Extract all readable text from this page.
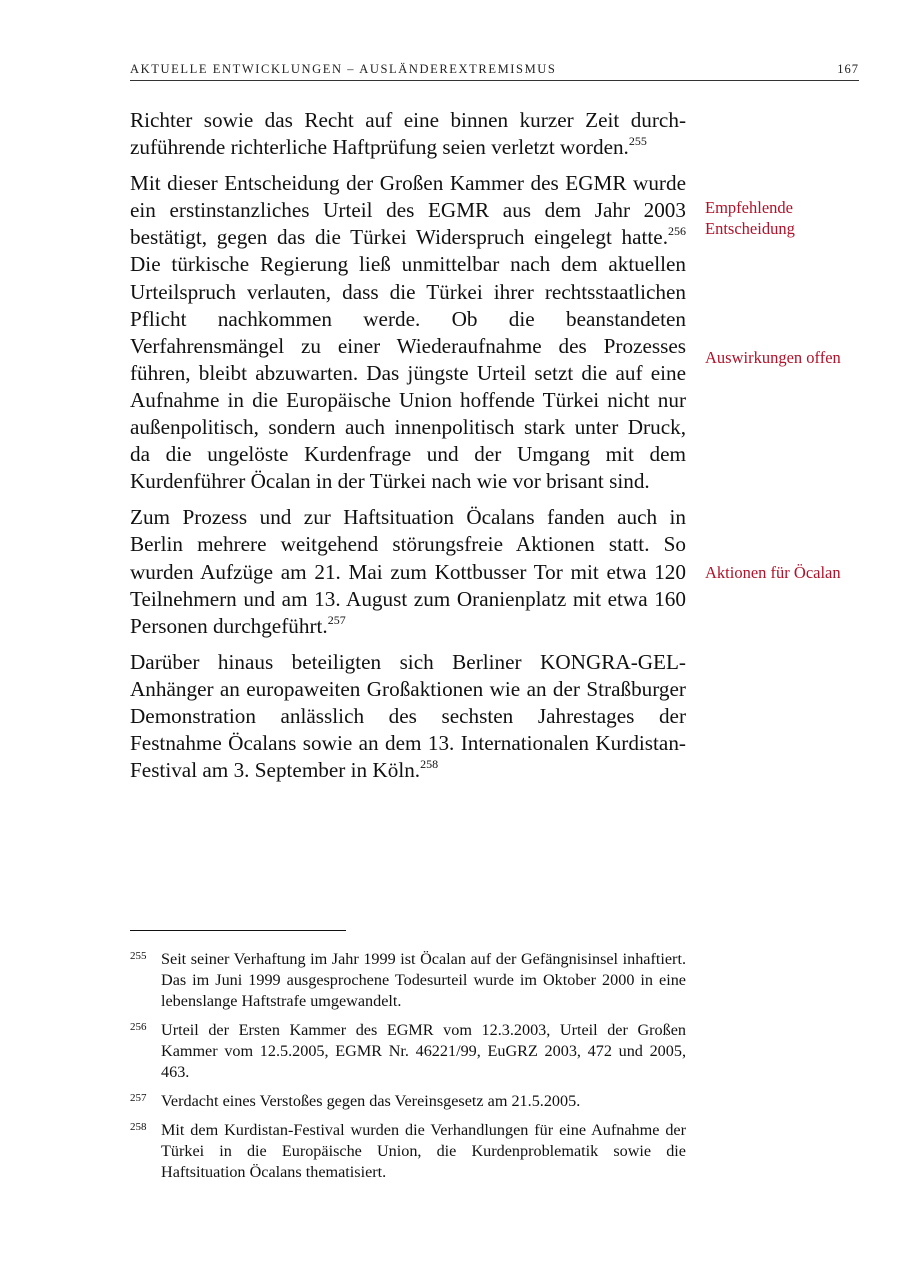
AKTUELLE ENTWICKLUNGEN – AUSLÄNDEREXTREMISMUS	167

Richter sowie das Recht auf eine binnen kurzer Zeit durchzuführende richterliche Haftprüfung seien verletzt worden.$^{255}$

Mit dieser Entscheidung der Großen Kammer des EGMR wurde ein erstinstanzliches Urteil des EGMR aus dem Jahr 2003 bestätigt, gegen das die Türkei Widerspruch eingelegt hatte.$^{256}$ Die türkische Regierung ließ unmittelbar nach dem aktuellen Urteilspruch verlauten, dass die Türkei ihrer rechtsstaatlichen Pflicht nachkommen werde. Ob die beanstandeten Verfahrensmängel zu einer Wiederaufnahme des Prozesses führen, bleibt abzuwarten. Das jüngste Urteil setzt die auf eine Aufnahme in die Europäische Union hoffende Türkei nicht nur außenpolitisch, sondern auch innenpolitisch stark unter Druck, da die ungelöste Kurdenfrage und der Umgang mit dem Kurdenführer Öcalan in der Türkei nach wie vor brisant sind.

Zum Prozess und zur Haftsituation Öcalans fanden auch in Berlin mehrere weitgehend störungsfreie Aktionen statt. So wurden Aufzüge am 21. Mai zum Kottbusser Tor mit etwa 120 Teilnehmern und am 13. August zum Oranienplatz mit etwa 160 Personen durchgeführt.$^{257}$

Darüber hinaus beteiligten sich Berliner KONGRA-GEL-Anhänger an europaweiten Großaktionen wie an der Straßburger Demonstration anlässlich des sechsten Jahrestages der Festnahme Öcalans sowie an dem 13. Internationalen Kurdistan-Festival am 3. September in Köln.$^{258}$

Empfehlende Entscheidung
Auswirkungen offen
Aktionen für Öcalan
255 Seit seiner Verhaftung im Jahr 1999 ist Öcalan auf der Gefängnisinsel inhaftiert. Das im Juni 1999 ausgesprochene Todesurteil wurde im Oktober 2000 in eine lebenslange Haftstrafe umgewandelt.
256 Urteil der Ersten Kammer des EGMR vom 12.3.2003, Urteil der Großen Kammer vom 12.5.2005, EGMR Nr. 46221/99, EuGRZ 2003, 472 und 2005, 463.
257 Verdacht eines Verstoßes gegen das Vereinsgesetz am 21.5.2005.
258 Mit dem Kurdistan-Festival wurden die Verhandlungen für eine Aufnahme der Türkei in die Europäische Union, die Kurdenproblematik sowie die Haftsituation Öcalans thematisiert.
